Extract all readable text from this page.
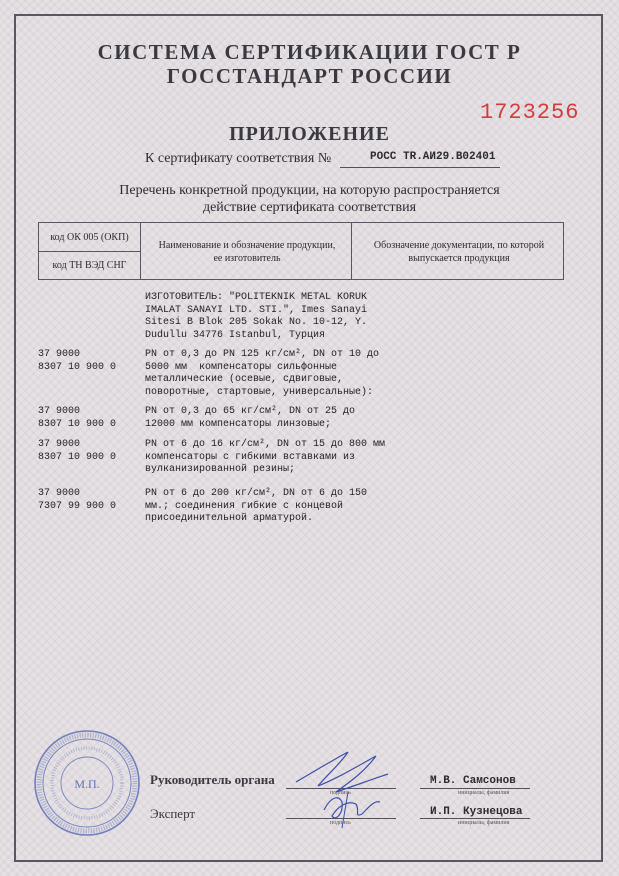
СИСТЕМА СЕРТИФИКАЦИИ ГОСТ Р
ГОССТАНДАРТ РОССИИ
1723256
ПРИЛОЖЕНИЕ
К сертификату соответствия №	РОСС TR.АИ29.В02401
Перечень конкретной продукции, на которую распространяется
действие сертификата соответствия
код ОК 005 (ОКП)
код ТН ВЭД СНГ
Наименование и обозначение продукции, ее изготовитель
Обозначение документации, по которой выпускается продукция
ИЗГОТОВИТЕЛЬ: "POLITEKNIK METAL KORUK
IMALAT SANAYI LTD. STI.", Imes Sanayi
Sitesi B Blok 205 Sokak No. 10-12, Y.
Dudullu 34776 Istanbul, Турция
37 9000
8307 10 900 0
PN от 0,3 до PN 125 кг/см², DN от 10 до
5000 мм  компенсаторы сильфонные
металлические (осевые, сдвиговые,
поворотные, стартовые, универсальные):
37 9000
8307 10 900 0
PN от 0,3 до 65 кг/см², DN от 25 до
12000 мм компенсаторы линзовые;
37 9000
8307 10 900 0
PN от 6 до 16 кг/см², DN от 15 до 800 мм
компенсаторы с гибкими вставками из
вулканизированной резины;
37 9000
7307 99 900 0
PN от 6 до 200 кг/см², DN от 6 до 150
мм.; соединения гибкие с концевой
присоединительной арматурой.
М.П.	Руководитель органа
подпись
М.В. Самсонов
инициалы, фамилия
Эксперт
подпись
И.П. Кузнецова
инициалы, фамилия
